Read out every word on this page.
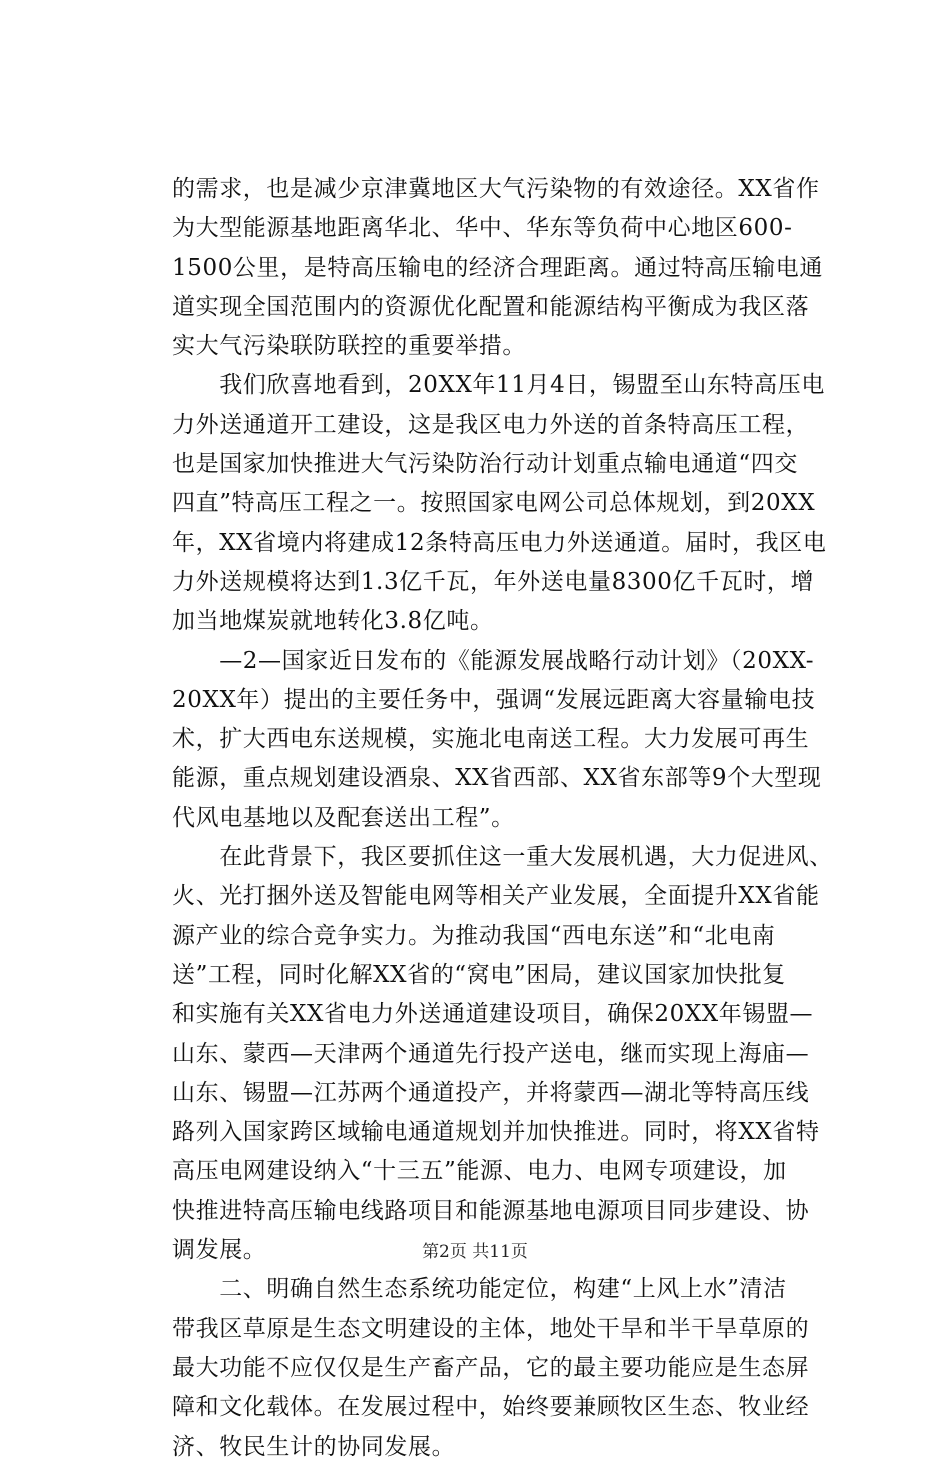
的需求，也是减少京津冀地区大气污染物的有效途径。XX省作
为大型能源基地距离华北、华中、华东等负荷中心地区600-
1500公里，是特高压输电的经济合理距离。通过特高压输电通
道实现全国范围内的资源优化配置和能源结构平衡成为我区落
实大气污染联防联控的重要举措。
　　我们欣喜地看到，20XX年11月4日，锡盟至山东特高压电
力外送通道开工建设，这是我区电力外送的首条特高压工程，
也是国家加快推进大气污染防治行动计划重点输电通道“四交
四直”特高压工程之一。按照国家电网公司总体规划，到20XX
年，XX省境内将建成12条特高压电力外送通道。届时，我区电
力外送规模将达到1.3亿千瓦，年外送电量8300亿千瓦时，增
加当地煤炭就地转化3.8亿吨。
　　—2—国家近日发布的《能源发展战略行动计划》（20XX-
20XX年）提出的主要任务中，强调“发展远距离大容量输电技
术，扩大西电东送规模，实施北电南送工程。大力发展可再生
能源，重点规划建设酒泉、XX省西部、XX省东部等9个大型现
代风电基地以及配套送出工程”。
　　在此背景下，我区要抓住这一重大发展机遇，大力促进风、
火、光打捆外送及智能电网等相关产业发展，全面提升XX省能
源产业的综合竞争实力。为推动我国“西电东送”和“北电南
送”工程，同时化解XX省的“窝电”困局，建议国家加快批复
和实施有关XX省电力外送通道建设项目，确保20XX年锡盟—
山东、蒙西—天津两个通道先行投产送电，继而实现上海庙—
山东、锡盟—江苏两个通道投产，并将蒙西—湖北等特高压线
路列入国家跨区域输电通道规划并加快推进。同时，将XX省特
高压电网建设纳入“十三五”能源、电力、电网专项建设，加
快推进特高压输电线路项目和能源基地电源项目同步建设、协
调发展。
　　二、明确自然生态系统功能定位，构建“上风上水”清洁
带我区草原是生态文明建设的主体，地处干旱和半干旱草原的
最大功能不应仅仅是生产畜产品，它的最主要功能应是生态屏
障和文化载体。在发展过程中，始终要兼顾牧区生态、牧业经
济、牧民生计的协同发展。
第2页 共11页
